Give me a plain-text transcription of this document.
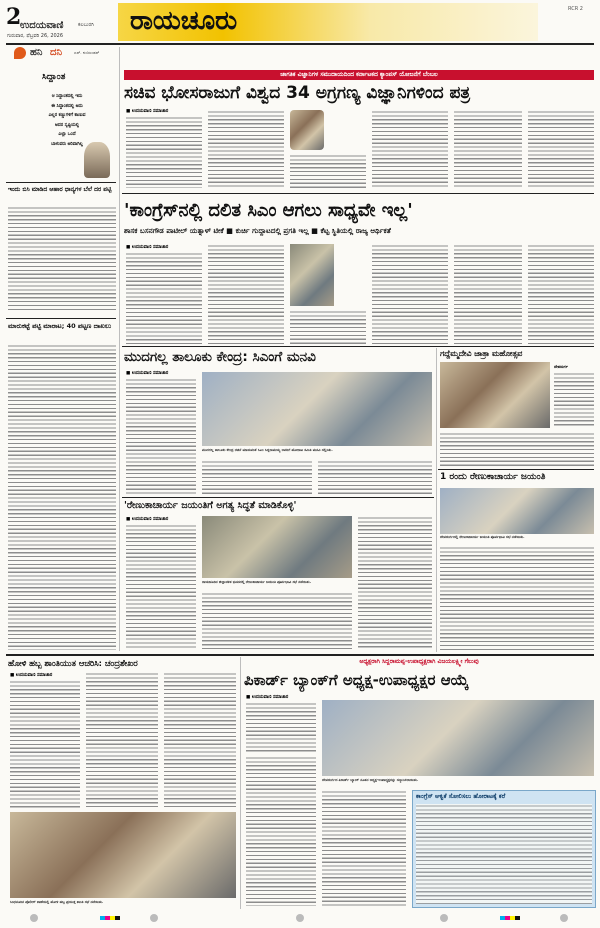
2
ಉದಯವಾಣಿ	ಕಲಬುರಗಿ
ಗುರುವಾರ, ಫೆಬ್ರವರಿ 26, 2026	ರಾಯಚೂರು	RCR 2
ಹನಿ ದನಿ	ಎಸ್. ನಂಜುಂಡಸ್
ಸಿದ್ದಾಂತ
ಆ ಸಿದ್ದಾಂತದಲ್ಲಿ ಇದು
ಈ ಸಿದ್ದಾಂತದಲ್ಲಿ ಅದು
ಎಲ್ಲರ ಕಣ್ಣುಗಳಿಗೆ ಕಾಣುವ
ಅದರ ಸೃಷ್ಟಿಯಲ್ಲಿ
ಎಲ್ಲಾ ಒಂದೆ
ಬಾಳುವರು ಅರಿವಾಗಿಲ್ಲ
ಇಂದು ಬಿಸಿ ಮಾಡಿದ ಆಹಾರ ಧಾನ್ಯಗಳ ಬೆಲೆ ದರ ಪಟ್ಟಿ
ಮಾರುಕಟ್ಟೆ ಪಟ್ಟಿ ಮಾರಾಟ; 40 ಪಟ್ಟಣ ದಾಖಲು
ಜಾಗತಿಕ ವಿಜ್ಞಾನಿಗಳ ಸಮುದಾಯದಿಂದ ಕರ್ನಾಟಕದ ಕ್ಯಾಂಪಸ್ ಯೋಜನೆಗೆ ಬೆಂಬಲ
ಸಚಿವ ಭೋಸರಾಜುಗೆ ವಿಶ್ವದ 34 ಅಗ್ರಗಣ್ಯ ವಿಜ್ಞಾನಿಗಳಿಂದ ಪತ್ರ
■ ಉದಯವಾಣಿ ಸಮಾಚಾರ
'ಕಾಂಗ್ರೆಸ್‌ನಲ್ಲಿ ದಲಿತ ಸಿಎಂ ಆಗಲು ಸಾಧ್ಯವೇ ಇಲ್ಲ'
ಶಾಸಕ ಬಸನಗೌಡ ಪಾಟೀಲ್ ಯತ್ನಾಳ್ ಟೀಕೆ ■ ಕುರ್ಚಿ ಗುದ್ದಾಟದಲ್ಲಿ ಪ್ರಗತಿ ಇಲ್ಲ ■ ಕೆಟ್ಟ ಸ್ಥಿತಿಯಲ್ಲಿ ರಾಜ್ಯ ಆರ್ಥಿಕತೆ
■ ಉದಯವಾಣಿ ಸಮಾಚಾರ
ಮುದಗಲ್ಲ ತಾಲೂಕು ಕೇಂದ್ರ: ಸಿಎಂಗೆ ಮನವಿ
■ ಉದಯವಾಣಿ ಸಮಾಚಾರ
ಮುದಗಲ್ಲ ತಾಲೂಕು ಕೇಂದ್ರ ರಚನೆ ಮಾಡುವಂತೆ ಸಿಎಂ ಸಿದ್ದರಾಮಯ್ಯ ಅವರಿಗೆ ಹೋರಾಟ ಸಮಿತಿ ಮನವಿ ಸಲ್ಲಿಸಿತು.
'ರೇಣುಕಾಚಾರ್ಯ ಜಯಂತಿಗೆ ಅಗತ್ಯ ಸಿದ್ಧತೆ ಮಾಡಿಕೊಳ್ಳಿ'
■ ಉದಯವಾಣಿ ಸಮಾಚಾರ
ರಾಯಚೂರಿನ ಜಿಲ್ಲಾಡಳಿತ ಭವನದಲ್ಲಿ ರೇಣುಕಾಚಾರ್ಯ ಜಯಂತಿ ಪೂರ್ವಭಾವಿ ಸಭೆ ನಡೆಯಿತು.
ಗದ್ದೆಮ್ಮದೇವಿ ಜಾತ್ರಾ ಮಹೋತ್ಸವ
ದೇವದುರ್ಗ
1 ರಂದು ರೇಣುಕಾಚಾರ್ಯ ಜಯಂತಿ
ದೇವದುರ್ಗದಲ್ಲಿ ರೇಣುಕಾಚಾರ್ಯ ಜಯಂತಿ ಪೂರ್ವಭಾವಿ ಸಭೆ ನಡೆಯಿತು.
ಹೋಳಿ ಹಬ್ಬ ಶಾಂತಿಯುತ ಆಚರಿಸಿ: ಚಂದ್ರಶೇಖರ
■ ಉದಯವಾಣಿ ಸಮಾಚಾರ
ಸಿಂಧನೂರಿನ ಪೊಲೀಸ್ ಠಾಣೆಯಲ್ಲಿ ಹೋಳಿ ಹಬ್ಬ ಪ್ರಯುಕ್ತ ಶಾಂತಿ ಸಭೆ ನಡೆಯಿತು.
ಅಧ್ಯಕ್ಷರಾಗಿ ಸಿದ್ದರಾಮಪ್ಪ-ಉಪಾಧ್ಯಕ್ಷರಾಗಿ ವಿಜಯಲಕ್ಷ್ಮೀ ಗೆಲುವು
ಪಿಕಾರ್ಡ್ ಬ್ಯಾಂಕ್‌ಗೆ ಅಧ್ಯಕ್ಷ-ಉಪಾಧ್ಯಕ್ಷರ ಆಯ್ಕೆ
■ ಉದಯವಾಣಿ ಸಮಾಚಾರ
ದೇವದುರ್ಗದ ಪಿಕಾರ್ಡ್ ಬ್ಯಾಂಕ್ ನೂತನ ಅಧ್ಯಕ್ಷ-ಉಪಾಧ್ಯಕ್ಷರನ್ನು ಸನ್ಮಾನಿಸಲಾಯಿತು.
ಕಾಂಗ್ರೆಸ್ ಆಳ್ವಿಕೆ ಸೋಲಿಸಲು ಹೋರಾಟಕ್ಕೆ ಕರೆ
